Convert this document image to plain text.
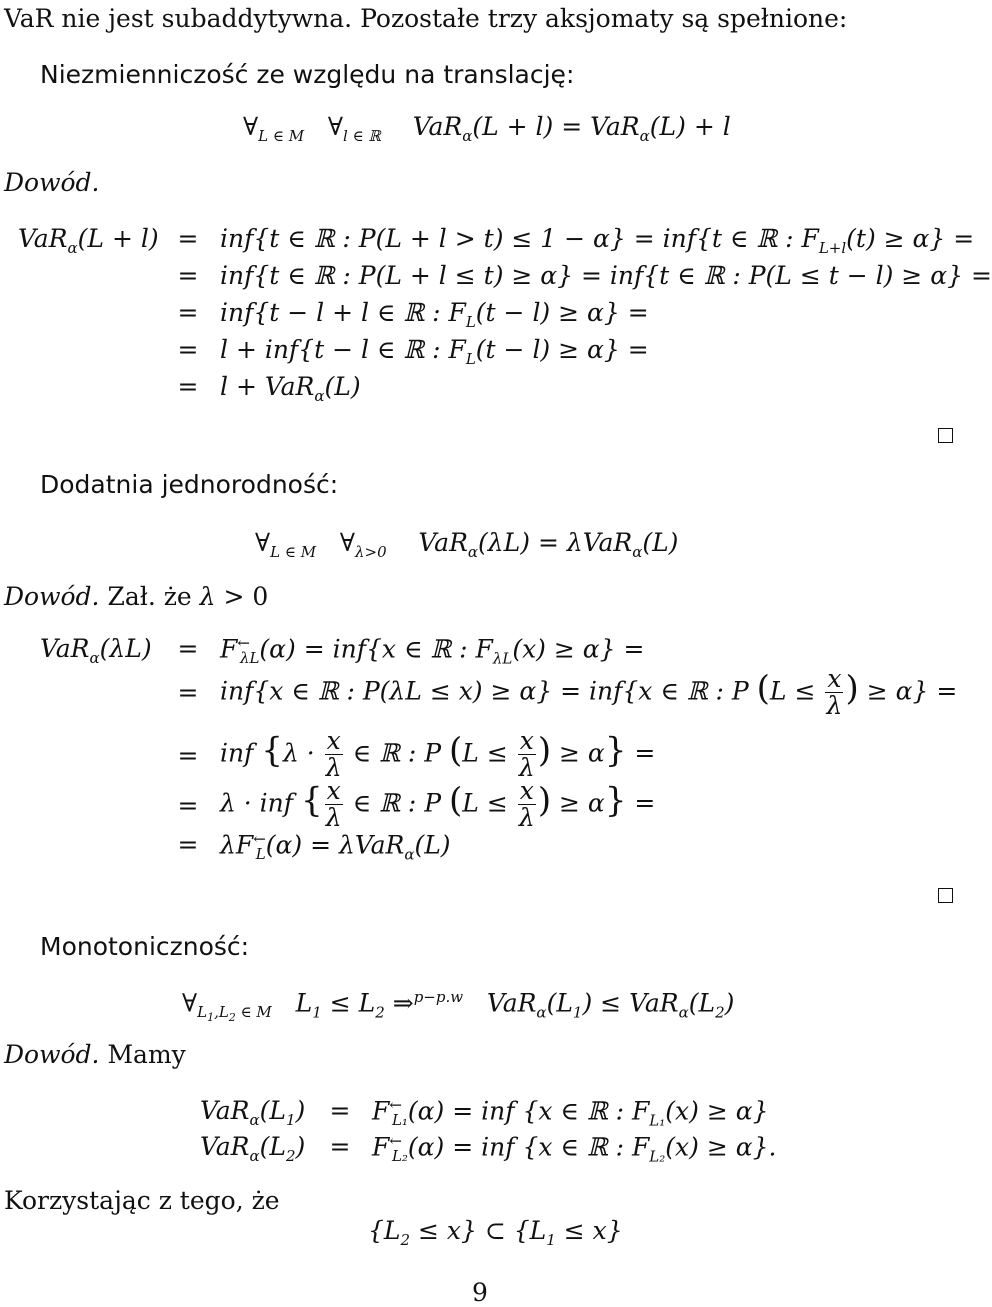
VaR nie jest subaddytywna. Pozostałe trzy aksjomaty są spełnione:
Niezmienniczość ze względu na translację:
$\forall_{L \in M}$ $\forall_{l \in ℝ}$    VaR$_\alpha$(L + l) = VaR$_\alpha$(L) + l
Dowód.
VaR$_\alpha$(L + l) = inf{t ∈ ℝ : P(L + l > t) ≤ 1 − α} = inf{t ∈ ℝ : $F_{L+l}(t) \ge \alpha$} =
= inf{t ∈ ℝ : P(L + l ≤ t) ≥ α} = inf{t ∈ ℝ : P(L ≤ t − l) ≥ α} =
= inf{t − l + l ∈ ℝ : $F_L(t - l) \ge \alpha$} =
= l + inf{t − l ∈ ℝ : $F_L(t - l) \ge \alpha$} =
= l + VaR$_\alpha$(L)
Dodatnia jednorodność:
$\forall_{L \in M}$ $\forall_{\lambda>0}$    VaR$_\alpha$(λL) = λVaR$_\alpha$(L)
Dowód. Zał. że λ > 0
VaR$_\alpha$(λL)	= $F^\leftarrow_{\lambda L}(\alpha) = inf\{x$ ∈ ℝ : $F_{\lambda L}(x) \ge \alpha$} =
= inf{x ∈ ℝ : P(λL ≤ x) ≥ α} = inf{x ∈ ℝ : P ($L \le \frac{x}{\lambda}$ ) ≥ α} =
= inf {$\lambda \cdot \frac{x}{\lambda}$ ∈ ℝ : P ($L \le \frac{x}{\lambda}$ ) ≥ α} =
= λ · inf { $\frac{x}{\lambda}$ ∈ ℝ : P ($L \le \frac{x}{\lambda}$ ) ≥ α} =
= $\lambda F^\leftarrow_L(\alpha) = \lambda VaR_\alpha(L)$
Monotoniczność:
$\forall_{L_1,L_2 \in M}$   $L_1 \le L_2$ ⇒$^{p-p.w}$   $VaR_\alpha(L_1) \le VaR_\alpha(L_2)$
Dowód. Mamy
$VaR_\alpha(L_1) = F^\leftarrow_{L_1}(\alpha)$ = inf {x ∈ ℝ : $F_{L_1}(x) \ge \alpha$}
$VaR_\alpha(L_2) = F^\leftarrow_{L_2}(\alpha)$ = inf {x ∈ ℝ : $F_{L_2}(x) \ge \alpha$}.
Korzystając z tego, że
$\{L_2 \le x\}$ ⊂ $\{L_1 \le x\}$
9
